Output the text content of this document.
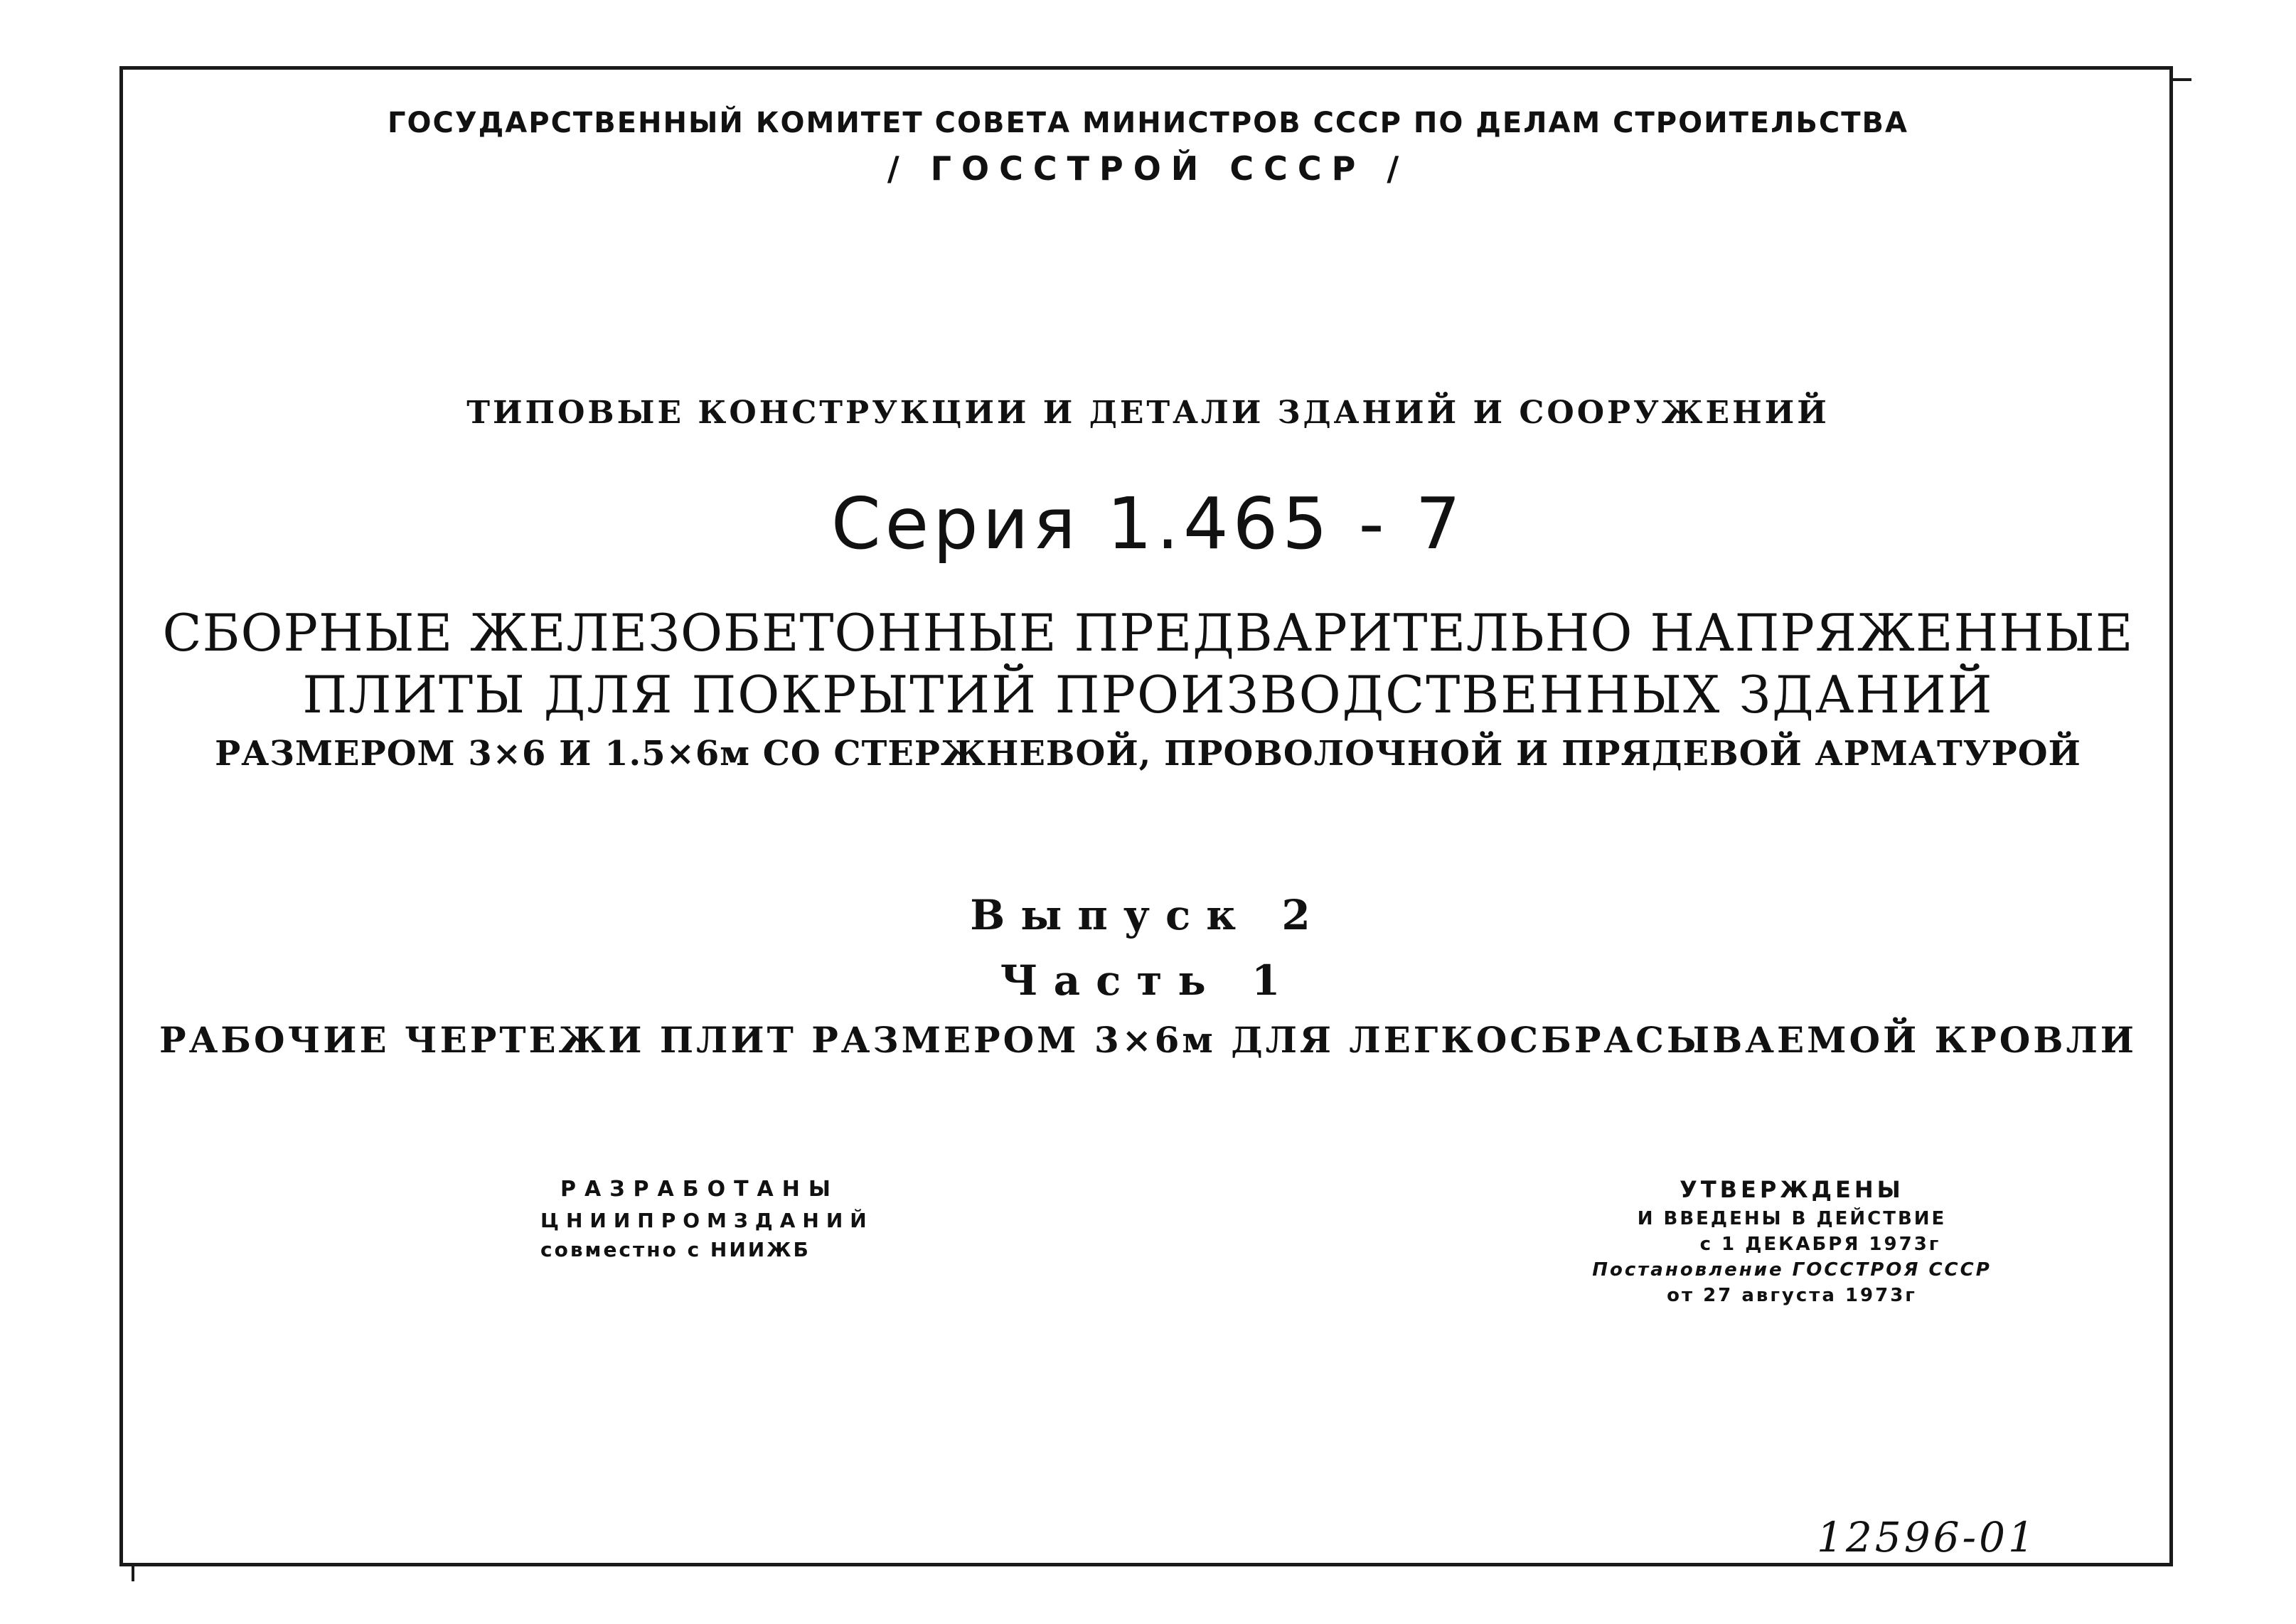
ГОСУДАРСТВЕННЫЙ КОМИТЕТ СОВЕТА МИНИСТРОВ СССР ПО ДЕЛАМ СТРОИТЕЛЬСТВА
/ ГОССТРОЙ СССР /
ТИПОВЫЕ КОНСТРУКЦИИ И ДЕТАЛИ ЗДАНИЙ И СООРУЖЕНИЙ
Серия 1.465 - 7
СБОРНЫЕ ЖЕЛЕЗОБЕТОННЫЕ ПРЕДВАРИТЕЛЬНО НАПРЯЖЕННЫЕ
ПЛИТЫ ДЛЯ ПОКРЫТИЙ ПРОИЗВОДСТВЕННЫХ ЗДАНИЙ
РАЗМЕРОМ 3×6 И 1.5×6м СО СТЕРЖНЕВОЙ, ПРОВОЛОЧНОЙ И ПРЯДЕВОЙ АРМАТУРОЙ
Выпуск 2
Часть 1
РАБОЧИЕ ЧЕРТЕЖИ ПЛИТ РАЗМЕРОМ 3×6м ДЛЯ ЛЕГКОСБРАСЫВАЕМОЙ КРОВЛИ
РАЗРАБОТАНЫ
ЦНИИПРОМЗДАНИЙ
совместно с НИИЖБ
УТВЕРЖДЕНЫ
И ВВЕДЕНЫ В ДЕЙСТВИЕ
с 1 ДЕКАБРЯ 1973г
Постановление ГОССТРОЯ СССР
от 27 августа 1973г
12596-01
